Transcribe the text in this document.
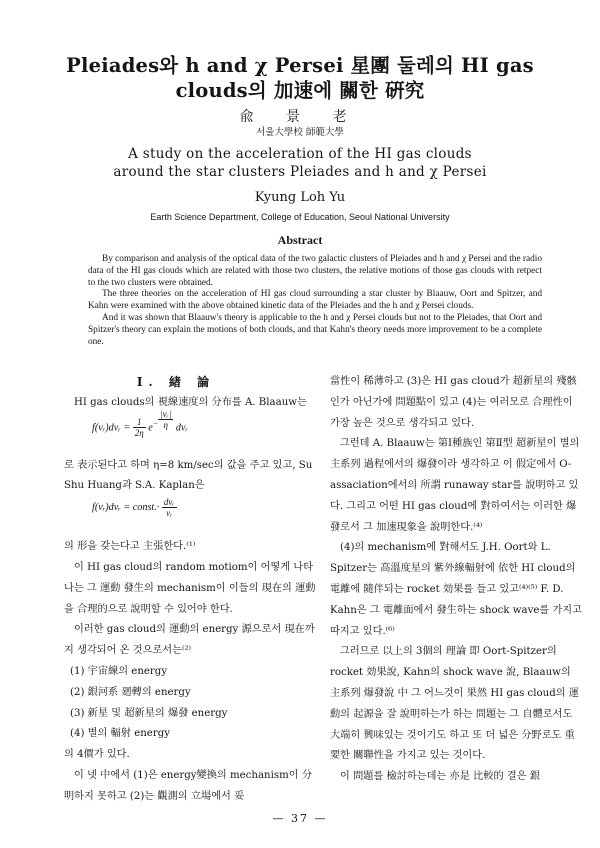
Pleiades와 h and χ Persei 星團 둘레의 HI gas
clouds의 加速에 關한 硏究
兪 景 老
서울大學校 師範大學
A study on the acceleration of the HI gas clouds
around the star clusters Pleiades and h and χ Persei
Kyung Loh Yu
Earth Science Department, College of Education, Seoul National University
Abstract

By comparison and analysis of the optical data of the two galactic clusters of Pleiades and h and χ Persei and the radio data of the HI gas clouds which are related with those two clusters, the relative motions of those gas clouds with retpect to the two clusters were obtained.

The three theories on the acceleration of HI gas cloud surrounding a star cluster by Blaauw, Oort and Spitzer, and Kahn were examined with the above obtained kinetic data of the Pleiades and the h and χ Persei clouds.

And it was shown that Blaauw's theory is applicable to the h and χ Persei clouds but not to the Pleiades, that Oort and Spitzer's theory can explain the motions of both clouds, and that Kahn's theory needs more improvement to be a complete one.

Ⅰ. 緖 論

HI gas clouds의 視線速度의 分布를 A. Blaauw는

f(vᵣ)dvᵣ = $\frac{1}{2\eta} e^{- \frac{\text{|vᵣ|}}{\eta}}$ dvᵣ

로 表示된다고 하며 η=8 km/sec의 값을 주고 있고, Su Shu Huang과 S.A. Kaplan은

f(vᵣ)dvᵣ = const.· $\frac{\text{dvᵣ}}{\text{vᵣ}}$

의 形을 갖는다고 主張한다.⁽¹⁾

이 HI gas cloud의 random motiom이 어떻게 나타나는 그 運動 發生의 mechanism이 이들의 現在의 運動을 合理的으로 說明할 수 있어야 한다.

이러한 gas cloud의 運動의 energy 源으로서 現在까지 생각되어 온 것으로서는⁽²⁾

(1) 宇宙線의 energy

(2) 銀河系 廻轉의 energy

(3) 新星 및 超新星의 爆發 energy

(4) 별의 輻射 energy

의 4價가 있다.

이 넷 中에서 (1)은 energy變換의 mechanism이 分明하지 못하고 (2)는 觀測의 立場에서 妥

當性이 稀薄하고 (3)은 HI gas cloud가 超新星의 殘骸인가 아닌가에 問題點이 있고 (4)는 여러모로 合理性이 가장 높은 것으로 생각되고 있다.

그런데 A. Blaauw는 第Ⅰ種族인 第Ⅱ型 超新星이 별의 主系列 過程에서의 爆發이라 생각하고 이 假定에서 O-assaciation에서의 所謂 runaway star를 說明하고 있다. 그리고 어떤 HI gas cloud에 對하여서는 이러한 爆發로서 그 加速現象을 說明한다.⁽⁴⁾

(4)의 mechanism에 對해서도 J.H. Oort와 L. Spitzer는 高溫度星의 紫外線輻射에 依한 HI cloud의 電離에 隨伴되는 rocket 効果를 들고 있고⁽⁴⁾⁽⁵⁾ F. D. Kahn은 그 電離面에서 發生하는 shock wave를 가지고 따지고 있다.⁽⁶⁾

그러므로 以上의 3個의 理論 即 Oort-Spitzer의 rocket 効果說, Kahn의 shock wave 說, Blaauw의 主系列 爆發說 中 그 어느것이 果然 HI gas cloud의 運動의 起源을 잘 說明하는가 하는 問題는 그 自體로서도 大端히 興味있는 것이기도 하고 또 더 넓은 分野로도 重要한 關聯性을 가지고 있는 것이다.

이 問題를 檢討하는데는 亦是 比較的 결은 銀

— 37 —
